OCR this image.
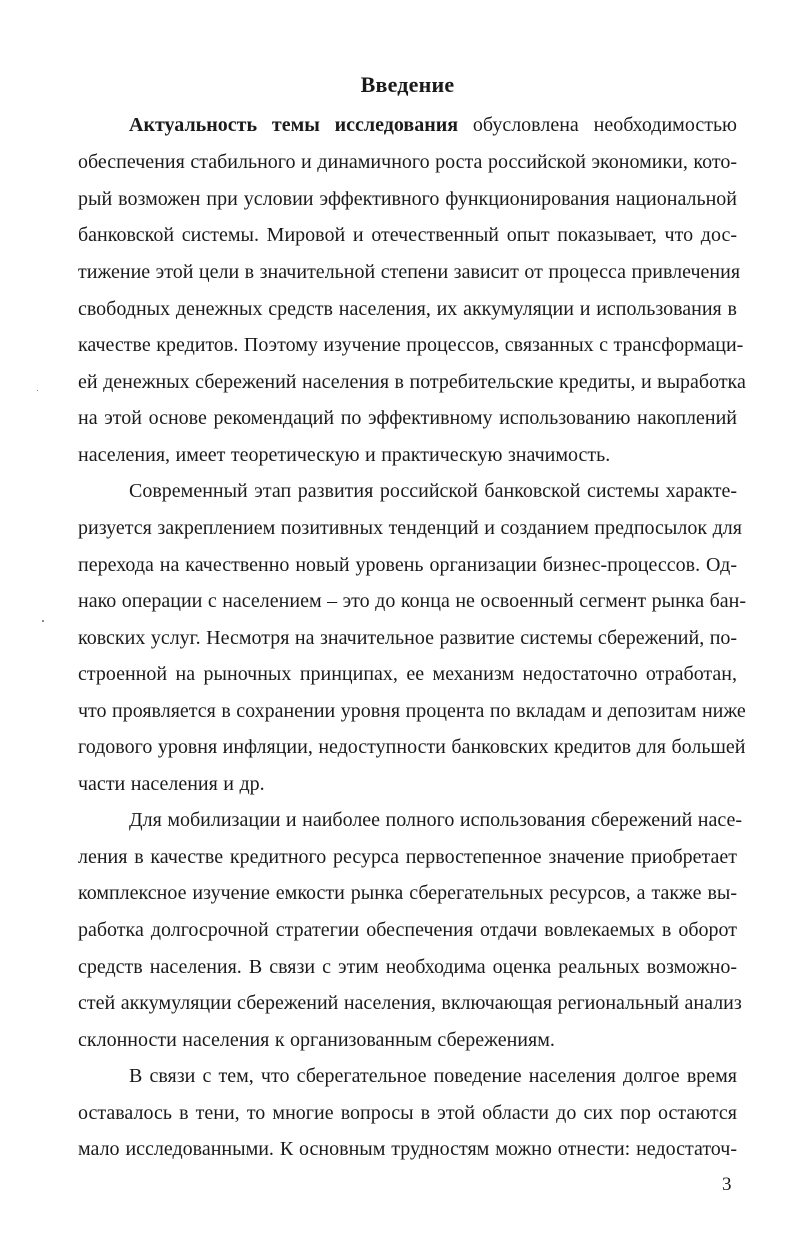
Введение
Актуальность темы исследования обусловлена необходимостью
обеспечения стабильного и динамичного роста российской экономики, кото-
рый возможен при условии эффективного функционирования национальной
банковской системы. Мировой и отечественный опыт показывает, что дос-
тижение этой цели в значительной степени зависит от процесса привлечения
свободных денежных средств населения, их аккумуляции и использования в
качестве кредитов. Поэтому изучение процессов, связанных с трансформаци-
ей денежных сбережений населения в потребительские кредиты, и выработка
на этой основе рекомендаций по эффективному использованию накоплений
населения, имеет теоретическую и практическую значимость.
Современный этап развития российской банковской системы характе-
ризуется закреплением позитивных тенденций и созданием предпосылок для
перехода на качественно новый уровень организации бизнес-процессов. Од-
нако операции с населением – это до конца не освоенный сегмент рынка бан-
ковских услуг. Несмотря на значительное развитие системы сбережений, по-
строенной на рыночных принципах, ее механизм недостаточно отработан,
что проявляется в сохранении уровня процента по вкладам и депозитам ниже
годового уровня инфляции, недоступности банковских кредитов для большей
части населения и др.
Для мобилизации и наиболее полного использования сбережений насе-
ления в качестве кредитного ресурса первостепенное значение приобретает
комплексное изучение емкости рынка сберегательных ресурсов, а также вы-
работка долгосрочной стратегии обеспечения отдачи вовлекаемых в оборот
средств населения. В связи с этим необходима оценка реальных возможно-
стей аккумуляции сбережений населения, включающая региональный анализ
склонности населения к организованным сбережениям.
В связи с тем, что сберегательное поведение населения долгое время
оставалось в тени, то многие вопросы в этой области до сих пор остаются
мало исследованными. К основным трудностям можно отнести: недостаточ-
3
